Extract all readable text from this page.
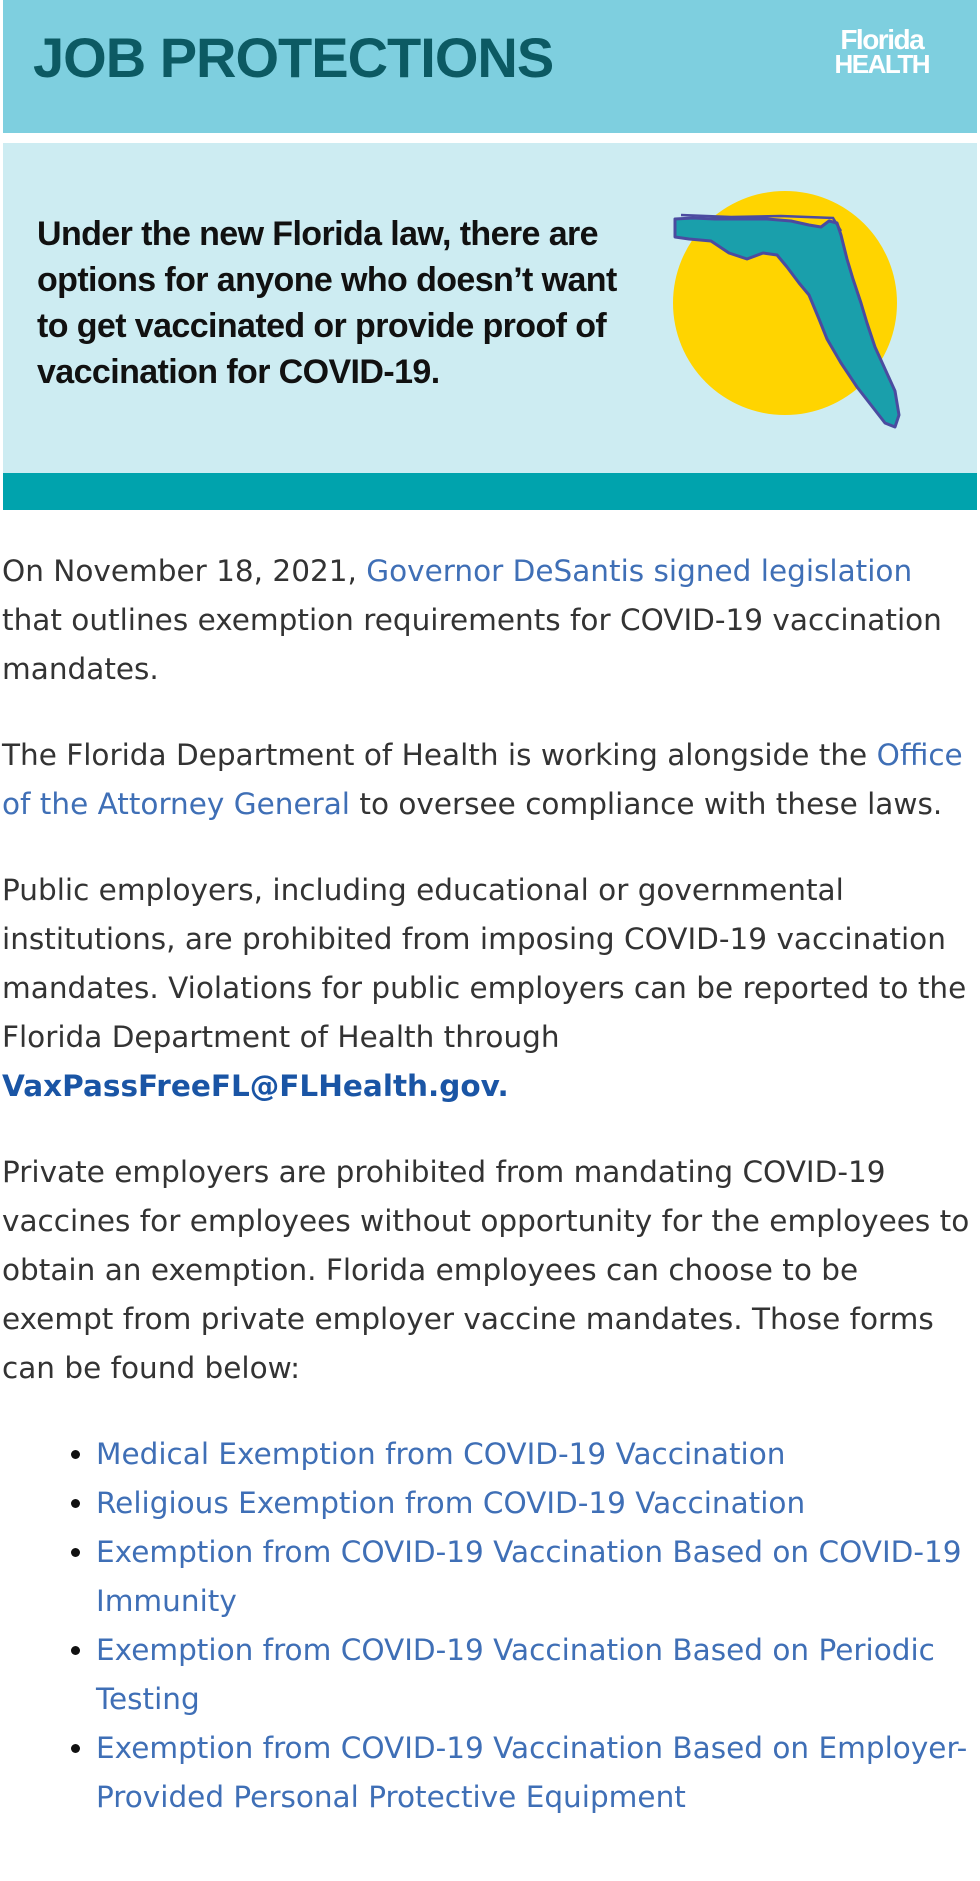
JOB PROTECTIONS	Florida
HEALTH

Under the new Florida law, there are options for anyone who doesn’t want to get vaccinated or provide proof of vaccination for COVID-19.

On November 18, 2021, Governor DeSantis signed legislation that outlines exemption requirements for COVID-19 vaccination mandates.

The Florida Department of Health is working alongside the Office of the Attorney General to oversee compliance with these laws.

Public employers, including educational or governmental institutions, are prohibited from imposing COVID-19 vaccination mandates. Violations for public employers can be reported to the Florida Department of Health through VaxPassFreeFL@FLHealth.gov.

Private employers are prohibited from mandating COVID-19 vaccines for employees without opportunity for the employees to obtain an exemption. Florida employees can choose to be exempt from private employer vaccine mandates. Those forms can be found below:

• Medical Exemption from COVID-19 Vaccination
• Religious Exemption from COVID-19 Vaccination
• Exemption from COVID-19 Vaccination Based on COVID-19 Immunity
• Exemption from COVID-19 Vaccination Based on Periodic Testing
• Exemption from COVID-19 Vaccination Based on Employer-Provided Personal Protective Equipment
